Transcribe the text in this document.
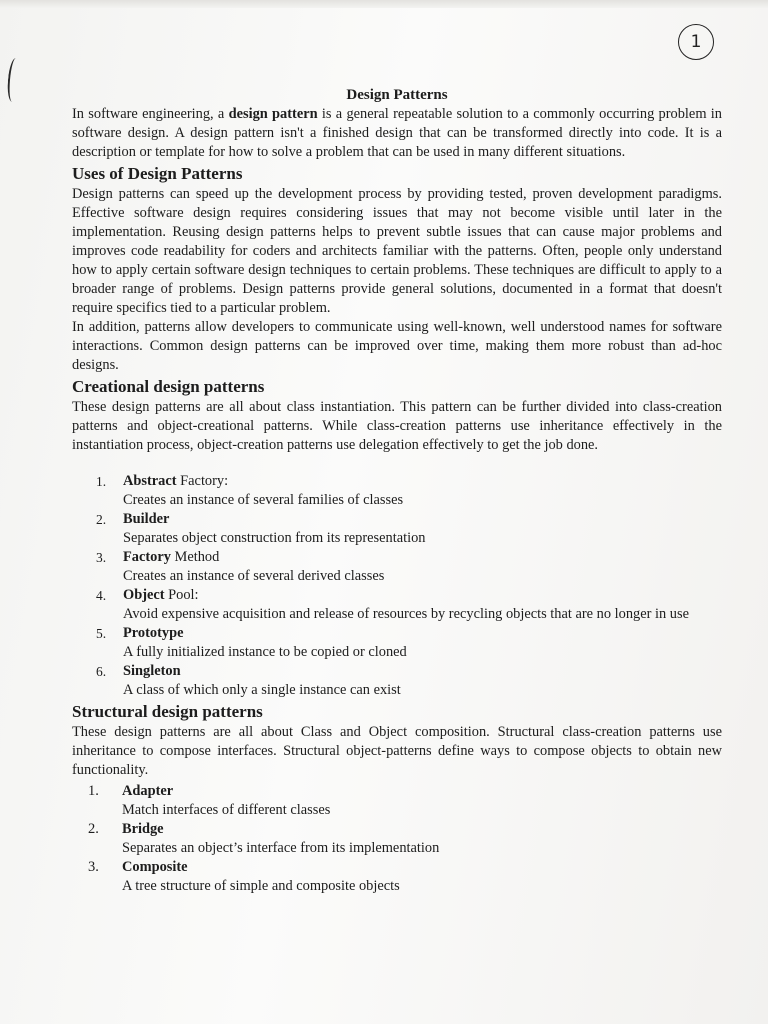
1
Design Patterns

In software engineering, a design pattern is a general repeatable solution to a commonly occurring problem in software design. A design pattern isn't a finished design that can be transformed directly into code. It is a description or template for how to solve a problem that can be used in many different situations.

Uses of Design Patterns

Design patterns can speed up the development process by providing tested, proven development paradigms. Effective software design requires considering issues that may not become visible until later in the implementation. Reusing design patterns helps to prevent subtle issues that can cause major problems and improves code readability for coders and architects familiar with the patterns. Often, people only understand how to apply certain software design techniques to certain problems. These techniques are difficult to apply to a broader range of problems. Design patterns provide general solutions, documented in a format that doesn't require specifics tied to a particular problem.

In addition, patterns allow developers to communicate using well-known, well understood names for software interactions. Common design patterns can be improved over time, making them more robust than ad-hoc designs.

Creational design patterns

These design patterns are all about class instantiation. This pattern can be further divided into class-creation patterns and object-creational patterns. While class-creation patterns use inheritance effectively in the instantiation process, object-creation patterns use delegation effectively to get the job done.

1.	Abstract Factory:
Creates an instance of several families of classes
2.	Builder
Separates object construction from its representation
3.	Factory Method
Creates an instance of several derived classes
4.	Object Pool:
Avoid expensive acquisition and release of resources by recycling objects that are no longer in use
5.	Prototype
A fully initialized instance to be copied or cloned
6.	Singleton
A class of which only a single instance can exist
Structural design patterns

These design patterns are all about Class and Object composition. Structural class-creation patterns use inheritance to compose interfaces. Structural object-patterns define ways to compose objects to obtain new functionality.

1.	Adapter
Match interfaces of different classes
2.	Bridge
Separates an object’s interface from its implementation
3.	Composite
A tree structure of simple and composite objects
